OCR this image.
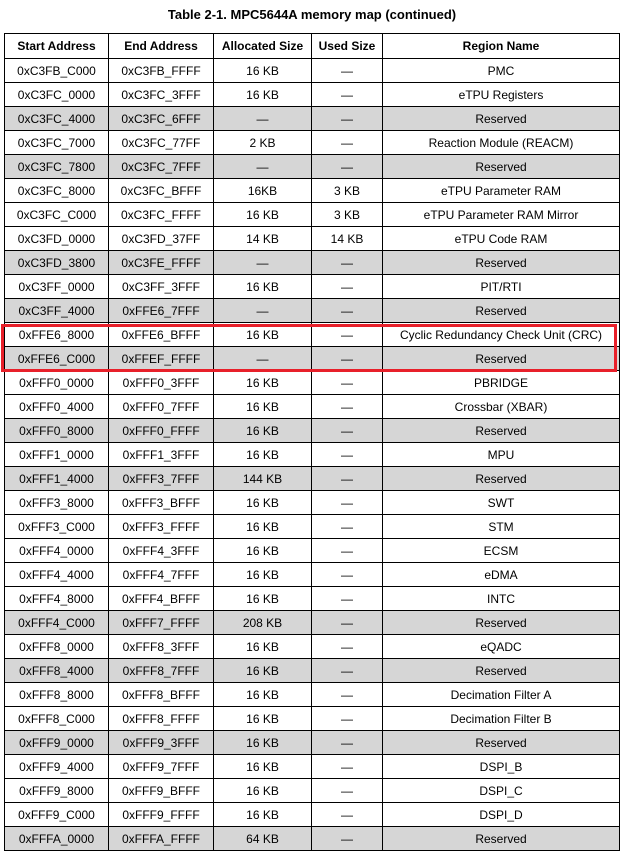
Table 2-1. MPC5644A memory map (continued)
Start Address	End Address	Allocated Size	Used Size	Region Name
0xC3FB_C000	0xC3FB_FFFF	16 KB	—	PMC
0xC3FC_0000	0xC3FC_3FFF	16 KB	—	eTPU Registers
0xC3FC_4000	0xC3FC_6FFF	—	—	Reserved
0xC3FC_7000	0xC3FC_77FF	2 KB	—	Reaction Module (REACM)
0xC3FC_7800	0xC3FC_7FFF	—	—	Reserved
0xC3FC_8000	0xC3FC_BFFF	16KB	3 KB	eTPU Parameter RAM
0xC3FC_C000	0xC3FC_FFFF	16 KB	3 KB	eTPU Parameter RAM Mirror
0xC3FD_0000	0xC3FD_37FF	14 KB	14 KB	eTPU Code RAM
0xC3FD_3800	0xC3FE_FFFF	—	—	Reserved
0xC3FF_0000	0xC3FF_3FFF	16 KB	—	PIT/RTI
0xC3FF_4000	0xFFE6_7FFF	—	—	Reserved
0xFFE6_8000	0xFFE6_BFFF	16 KB	—	Cyclic Redundancy Check Unit (CRC)
0xFFE6_C000	0xFFEF_FFFF	—	—	Reserved
0xFFF0_0000	0xFFF0_3FFF	16 KB	—	PBRIDGE
0xFFF0_4000	0xFFF0_7FFF	16 KB	—	Crossbar (XBAR)
0xFFF0_8000	0xFFF0_FFFF	16 KB	—	Reserved
0xFFF1_0000	0xFFF1_3FFF	16 KB	—	MPU
0xFFF1_4000	0xFFF3_7FFF	144 KB	—	Reserved
0xFFF3_8000	0xFFF3_BFFF	16 KB	—	SWT
0xFFF3_C000	0xFFF3_FFFF	16 KB	—	STM
0xFFF4_0000	0xFFF4_3FFF	16 KB	—	ECSM
0xFFF4_4000	0xFFF4_7FFF	16 KB	—	eDMA
0xFFF4_8000	0xFFF4_BFFF	16 KB	—	INTC
0xFFF4_C000	0xFFF7_FFFF	208 KB	—	Reserved
0xFFF8_0000	0xFFF8_3FFF	16 KB	—	eQADC
0xFFF8_4000	0xFFF8_7FFF	16 KB	—	Reserved
0xFFF8_8000	0xFFF8_BFFF	16 KB	—	Decimation Filter A
0xFFF8_C000	0xFFF8_FFFF	16 KB	—	Decimation Filter B
0xFFF9_0000	0xFFF9_3FFF	16 KB	—	Reserved
0xFFF9_4000	0xFFF9_7FFF	16 KB	—	DSPI_B
0xFFF9_8000	0xFFF9_BFFF	16 KB	—	DSPI_C
0xFFF9_C000	0xFFF9_FFFF	16 KB	—	DSPI_D
0xFFFA_0000	0xFFFA_FFFF	64 KB	—	Reserved
